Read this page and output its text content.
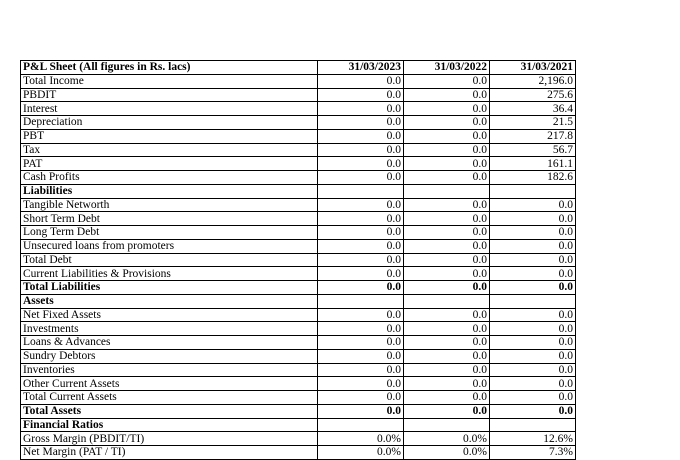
P&L Sheet (All figures in Rs. lacs)	31/03/2023	31/03/2022	31/03/2021
Total Income	0.0	0.0	2,196.0
PBDIT	0.0	0.0	275.6
Interest	0.0	0.0	36.4
Depreciation	0.0	0.0	21.5
PBT	0.0	0.0	217.8
Tax	0.0	0.0	56.7
PAT	0.0	0.0	161.1
Cash Profits	0.0	0.0	182.6
Liabilities			
Tangible Networth	0.0	0.0	0.0
Short Term Debt	0.0	0.0	0.0
Long Term Debt	0.0	0.0	0.0
Unsecured loans from promoters	0.0	0.0	0.0
Total Debt	0.0	0.0	0.0
Current Liabilities & Provisions	0.0	0.0	0.0
Total Liabilities	0.0	0.0	0.0
Assets			
Net Fixed Assets	0.0	0.0	0.0
Investments	0.0	0.0	0.0
Loans & Advances	0.0	0.0	0.0
Sundry Debtors	0.0	0.0	0.0
Inventories	0.0	0.0	0.0
Other Current Assets	0.0	0.0	0.0
Total Current Assets	0.0	0.0	0.0
Total Assets	0.0	0.0	0.0
Financial Ratios			
Gross Margin (PBDIT/TI)	0.0%	0.0%	12.6%
Net Margin (PAT / TI)	0.0%	0.0%	7.3%
